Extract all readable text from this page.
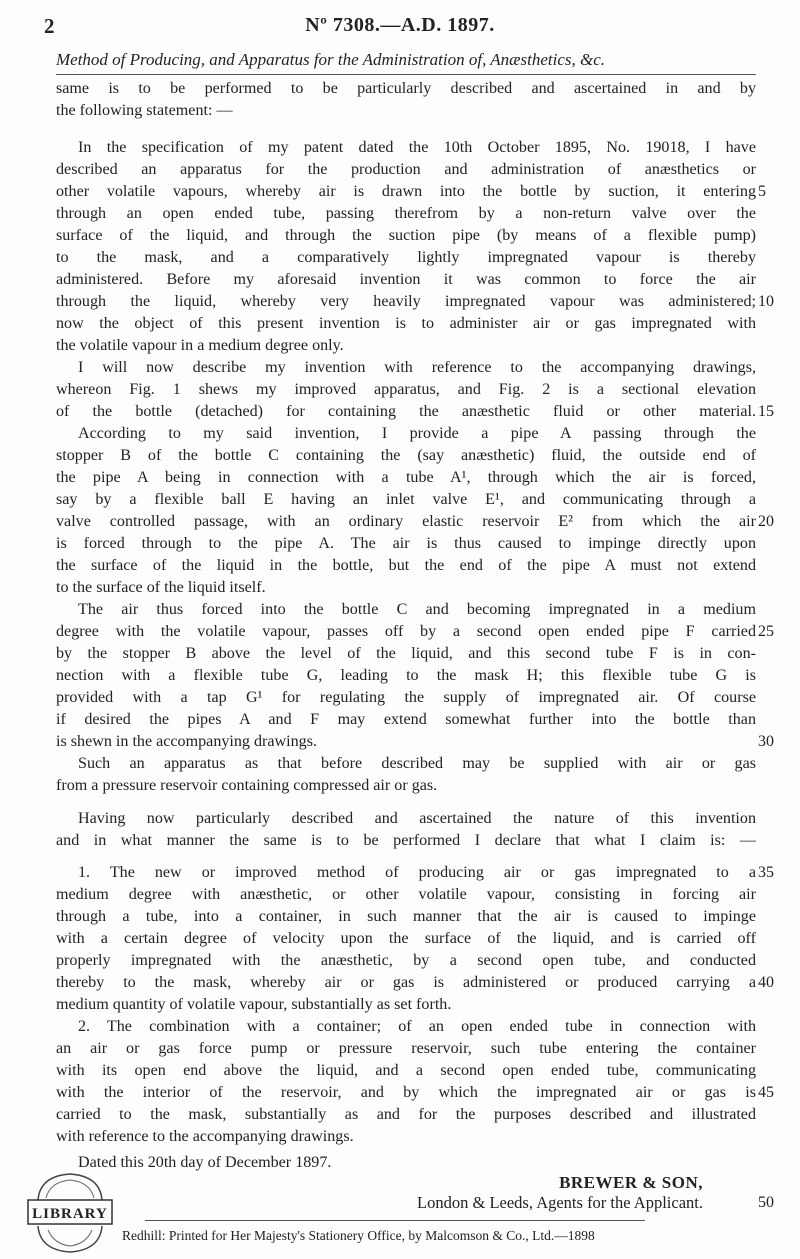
2	Nº 7308.—A.D. 1897.
Method of Producing, and Apparatus for the Administration of, Anæsthetics, &c.
same is to be performed to be particularly described and ascertained in and by
the following statement: —
In the specification of my patent dated the 10th October 1895, No. 19018, I have
described an apparatus for the production and administration of anæsthetics or
other volatile vapours, whereby air is drawn into the bottle by suction, it entering
through an open ended tube, passing therefrom by a non-return valve over the
surface of the liquid, and through the suction pipe (by means of a flexible pump)
to the mask, and a comparatively lightly impregnated vapour is thereby
administered. Before my aforesaid invention it was common to force the air
through the liquid, whereby very heavily impregnated vapour was administered;
now the object of this present invention is to administer air or gas impregnated with
the volatile vapour in a medium degree only.
I will now describe my invention with reference to the accompanying drawings,
whereon Fig. 1 shews my improved apparatus, and Fig. 2 is a sectional elevation
of the bottle (detached) for containing the anæsthetic fluid or other material.
According to my said invention, I provide a pipe A passing through the
stopper B of the bottle C containing the (say anæsthetic) fluid, the outside end of
the pipe A being in connection with a tube A¹, through which the air is forced,
say by a flexible ball E having an inlet valve E¹, and communicating through a
valve controlled passage, with an ordinary elastic reservoir E² from which the air
is forced through to the pipe A. The air is thus caused to impinge directly upon
the surface of the liquid in the bottle, but the end of the pipe A must not extend
to the surface of the liquid itself.
The air thus forced into the bottle C and becoming impregnated in a medium
degree with the volatile vapour, passes off by a second open ended pipe F carried
by the stopper B above the level of the liquid, and this second tube F is in con-
nection with a flexible tube G, leading to the mask H; this flexible tube G is
provided with a tap G¹ for regulating the supply of impregnated air. Of course
if desired the pipes A and F may extend somewhat further into the bottle than
is shewn in the accompanying drawings.
Such an apparatus as that before described may be supplied with air or gas
from a pressure reservoir containing compressed air or gas.
Having now particularly described and ascertained the nature of this invention
and in what manner the same is to be performed I declare that what I claim is: —
1. The new or improved method of producing air or gas impregnated to a
medium degree with anæsthetic, or other volatile vapour, consisting in forcing air
through a tube, into a container, in such manner that the air is caused to impinge
with a certain degree of velocity upon the surface of the liquid, and is carried off
properly impregnated with the anæsthetic, by a second open tube, and conducted
thereby to the mask, whereby air or gas is administered or produced carrying a
medium quantity of volatile vapour, substantially as set forth.
2. The combination with a container; of an open ended tube in connection with
an air or gas force pump or pressure reservoir, such tube entering the container
with its open end above the liquid, and a second open ended tube, communicating
with the interior of the reservoir, and by which the impregnated air or gas is
carried to the mask, substantially as and for the purposes described and illustrated
with reference to the accompanying drawings.
Dated this 20th day of December 1897.
5
10
15
20
25
30
35
40
45
50
BREWER & SON,
London & Leeds, Agents for the Applicant.
Redhill: Printed for Her Majesty's Stationery Office, by Malcomson & Co., Ltd.—1898
LIBRARY
